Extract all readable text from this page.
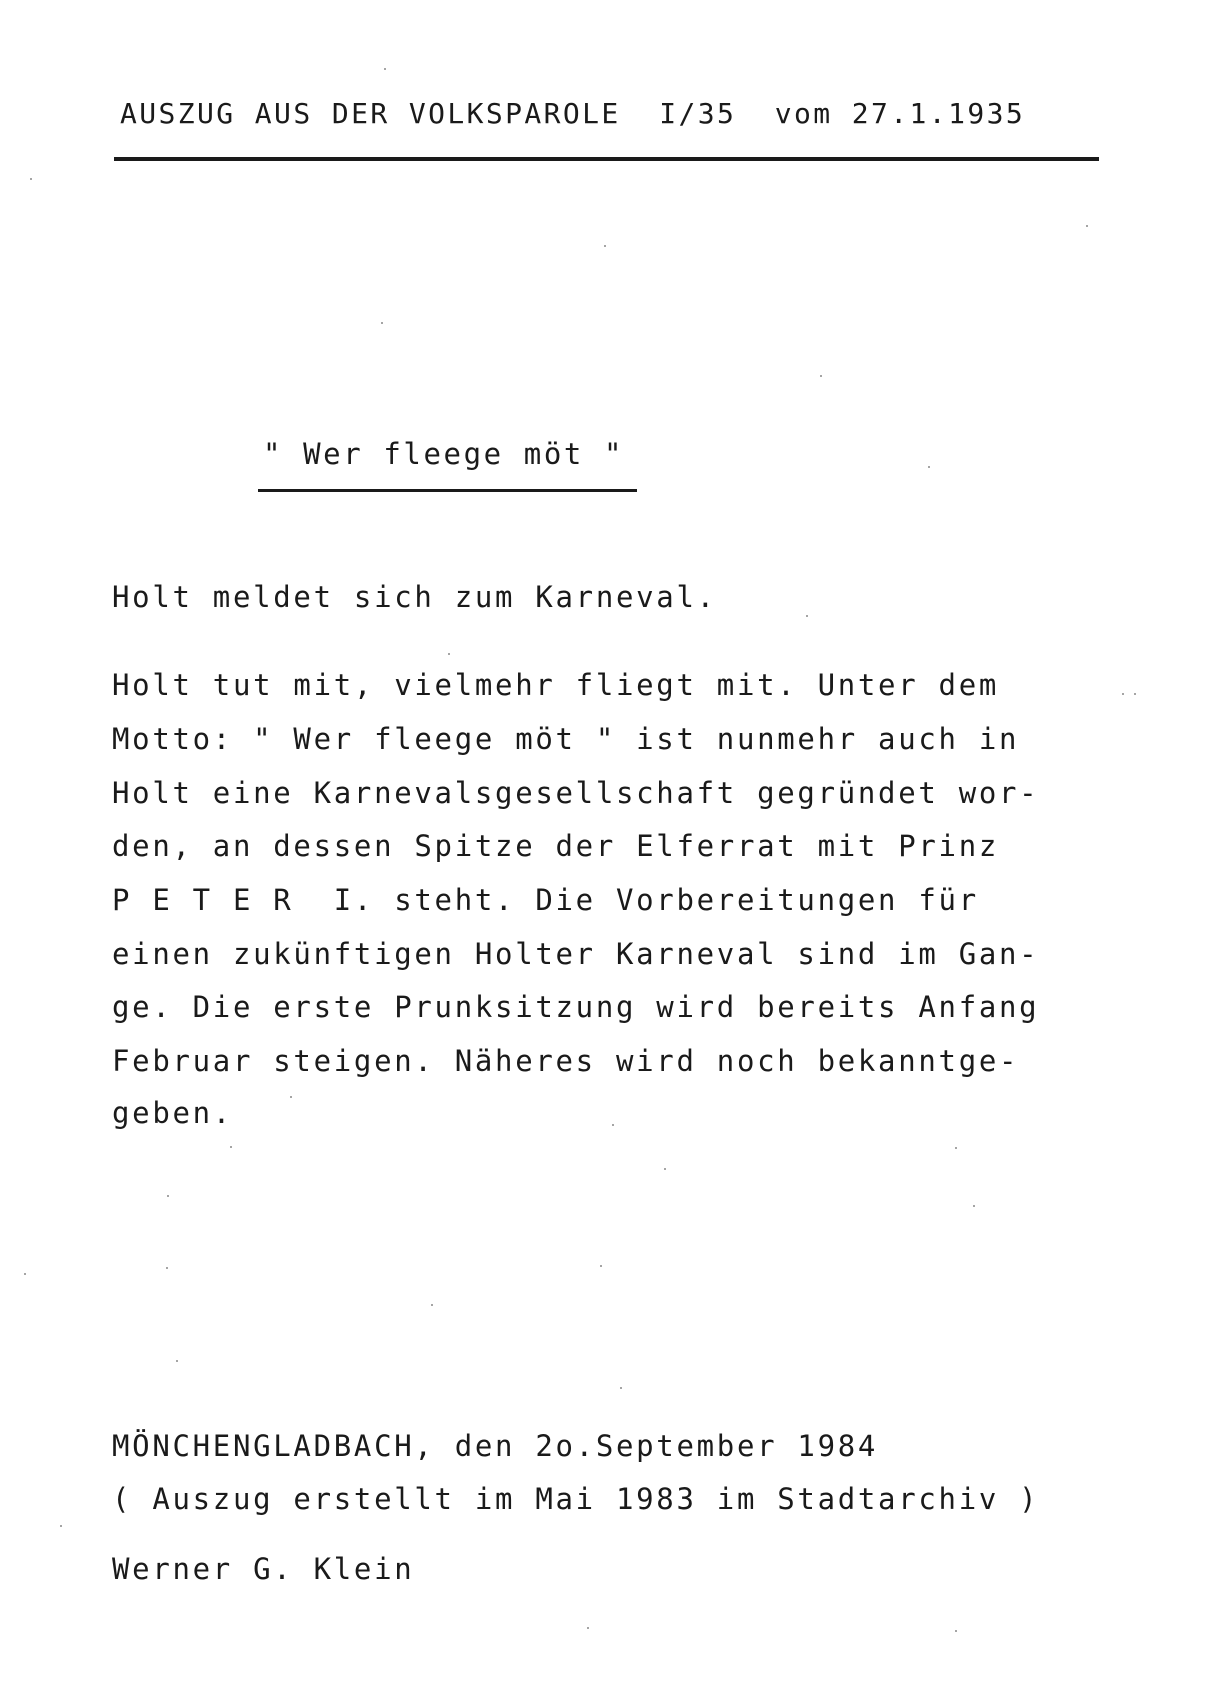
AUSZUG AUS DER VOLKSPAROLE  I/35  vom 27.1.1935
" Wer fleege möt "
Holt meldet sich zum Karneval.
Holt tut mit, vielmehr fliegt mit. Unter dem
Motto: " Wer fleege möt " ist nunmehr auch in
Holt eine Karnevalsgesellschaft gegründet wor-
den, an dessen Spitze der Elferrat mit Prinz
P E T E R  I. steht. Die Vorbereitungen für
einen zukünftigen Holter Karneval sind im Gan-
ge. Die erste Prunksitzung wird bereits Anfang
Februar steigen. Näheres wird noch bekanntge-
geben.
MÖNCHENGLADBACH, den 2o.September 1984
( Auszug erstellt im Mai 1983 im Stadtarchiv )
Werner G. Klein
